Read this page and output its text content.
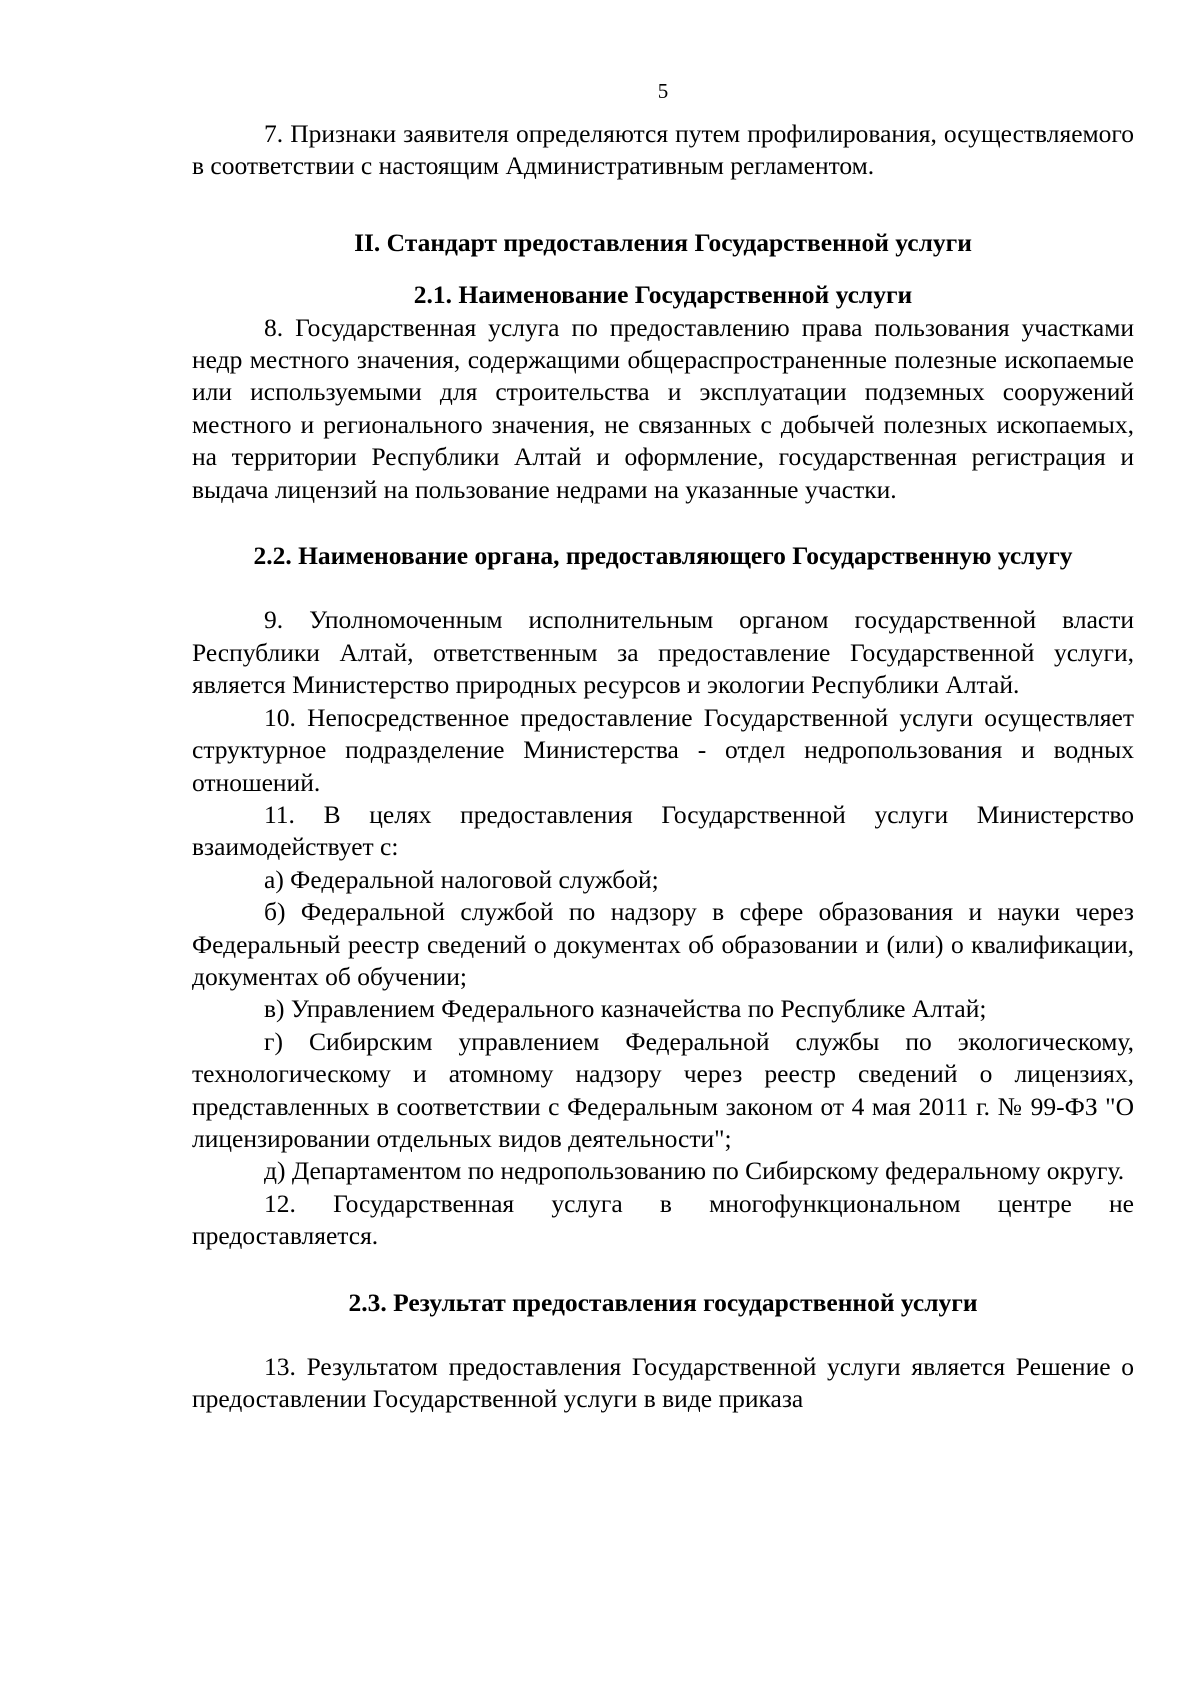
5

7. Признаки заявителя определяются путем профилирования, осуществляемого в соответствии с настоящим Административным регламентом.

II. Стандарт предоставления Государственной услуги

2.1. Наименование Государственной услуги

8. Государственная услуга по предоставлению права пользования участками недр местного значения, содержащими общераспространенные полезные ископаемые или используемыми для строительства и эксплуатации подземных сооружений местного и регионального значения, не связанных с добычей полезных ископаемых, на территории Республики Алтай и оформление, государственная регистрация и выдача лицензий на пользование недрами на указанные участки.

2.2. Наименование органа, предоставляющего Государственную услугу

9. Уполномоченным исполнительным органом государственной власти Республики Алтай, ответственным за предоставление Государственной услуги, является Министерство природных ресурсов и экологии Республики Алтай.

10. Непосредственное предоставление Государственной услуги осуществляет структурное подразделение Министерства - отдел недропользования и водных отношений.

11. В целях предоставления Государственной услуги Министерство взаимодействует с:

а) Федеральной налоговой службой;

б) Федеральной службой по надзору в сфере образования и науки через Федеральный реестр сведений о документах об образовании и (или) о квалификации, документах об обучении;

в) Управлением Федерального казначейства по Республике Алтай;

г) Сибирским управлением Федеральной службы по экологическому, технологическому и атомному надзору через реестр сведений о лицензиях, представленных в соответствии с Федеральным законом от 4 мая 2011 г. № 99-ФЗ "О лицензировании отдельных видов деятельности";

д) Департаментом по недропользованию по Сибирскому федеральному округу.

12. Государственная услуга в многофункциональном центре не предоставляется.

2.3. Результат предоставления государственной услуги

13. Результатом предоставления Государственной услуги является Решение о предоставлении Государственной услуги в виде приказа
